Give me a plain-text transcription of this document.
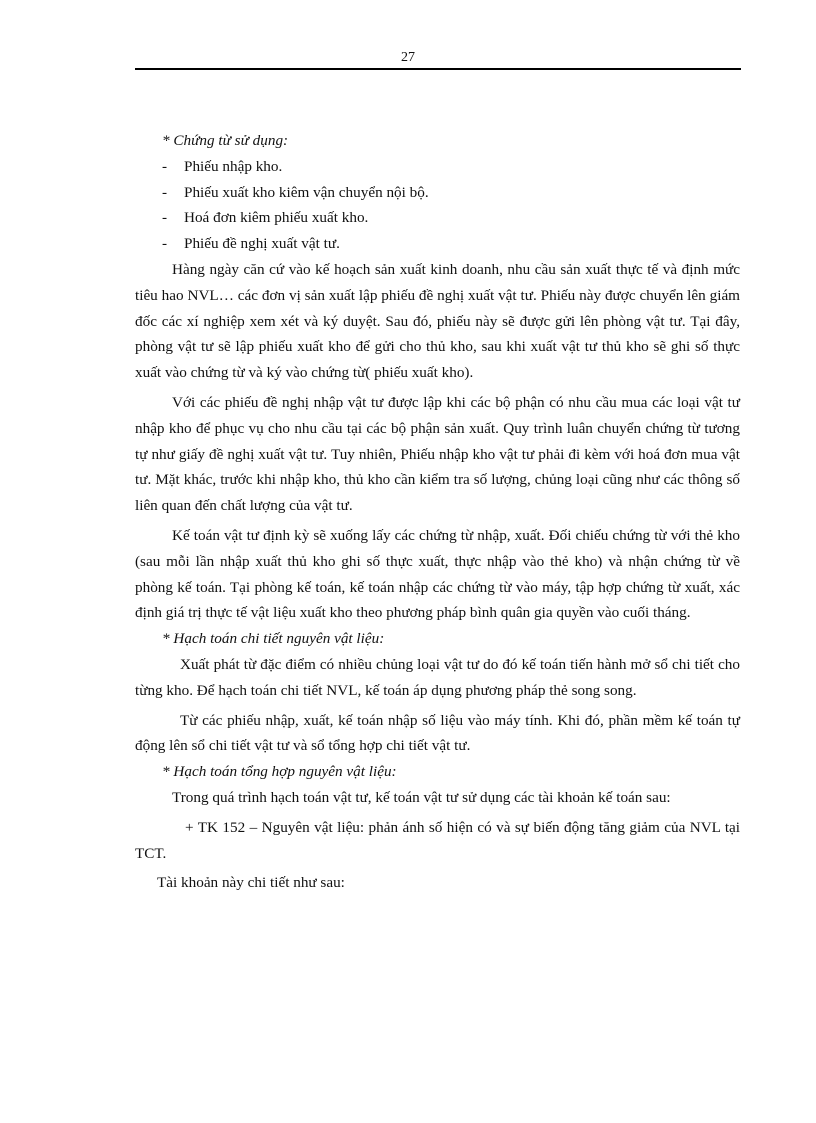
27
* Chứng từ sử dụng:
- Phiếu nhập kho.
- Phiếu xuất kho kiêm vận chuyển nội bộ.
- Hoá đơn kiêm phiếu xuất kho.
- Phiếu đề nghị xuất vật tư.

Hàng ngày căn cứ vào kế hoạch sản xuất kinh doanh, nhu cầu sản xuất thực tế và định mức tiêu hao NVL… các đơn vị sản xuất lập phiếu đề nghị xuất vật tư. Phiếu này được chuyển lên giám đốc các xí nghiệp xem xét và ký duyệt. Sau đó, phiếu này sẽ được gửi lên phòng vật tư. Tại đây, phòng vật tư sẽ lập phiếu xuất kho để gửi cho thủ kho, sau khi xuất vật tư thủ kho sẽ ghi số thực xuất vào chứng từ và ký vào chứng từ( phiếu xuất kho).

Với các phiếu đề nghị nhập vật tư được lập khi các bộ phận có nhu cầu mua các loại vật tư nhập kho để phục vụ cho nhu cầu tại các bộ phận sản xuất. Quy trình luân chuyển chứng từ tương tự như giấy đề nghị xuất vật tư. Tuy nhiên, Phiếu nhập kho vật tư phải đi kèm với hoá đơn mua vật tư. Mặt khác, trước khi nhập kho, thủ kho cần kiểm tra số lượng, chủng loại cũng như các thông số liên quan đến chất lượng của vật tư.

Kế toán vật tư định kỳ sẽ xuống lấy các chứng từ nhập, xuất. Đối chiếu chứng từ với thẻ kho (sau mỗi lần nhập xuất thủ kho ghi số thực xuất, thực nhập vào thẻ kho) và nhận chứng từ về phòng kế toán. Tại phòng kế toán, kế toán nhập các chứng từ vào máy, tập hợp chứng từ xuất, xác định giá trị thực tế vật liệu xuất kho theo phương pháp bình quân gia quyền vào cuối tháng.

* Hạch toán chi tiết nguyên vật liệu:

Xuất phát từ đặc điểm có nhiều chủng loại vật tư do đó kế toán tiến hành mở sổ chi tiết cho từng kho. Để hạch toán chi tiết NVL, kế toán áp dụng phương pháp thẻ song song.

Từ các phiếu nhập, xuất, kế toán nhập số liệu vào máy tính. Khi đó, phần mềm kế toán tự động lên sổ chi tiết vật tư và sổ tổng hợp chi tiết vật tư.

* Hạch toán tổng hợp nguyên vật liệu:

Trong quá trình hạch toán vật tư, kế toán vật tư sử dụng các tài khoản kế toán sau:

+ TK 152 – Nguyên vật liệu: phản ánh số hiện có và sự biến động tăng giảm của NVL tại TCT.

Tài khoản này chi tiết như sau:
